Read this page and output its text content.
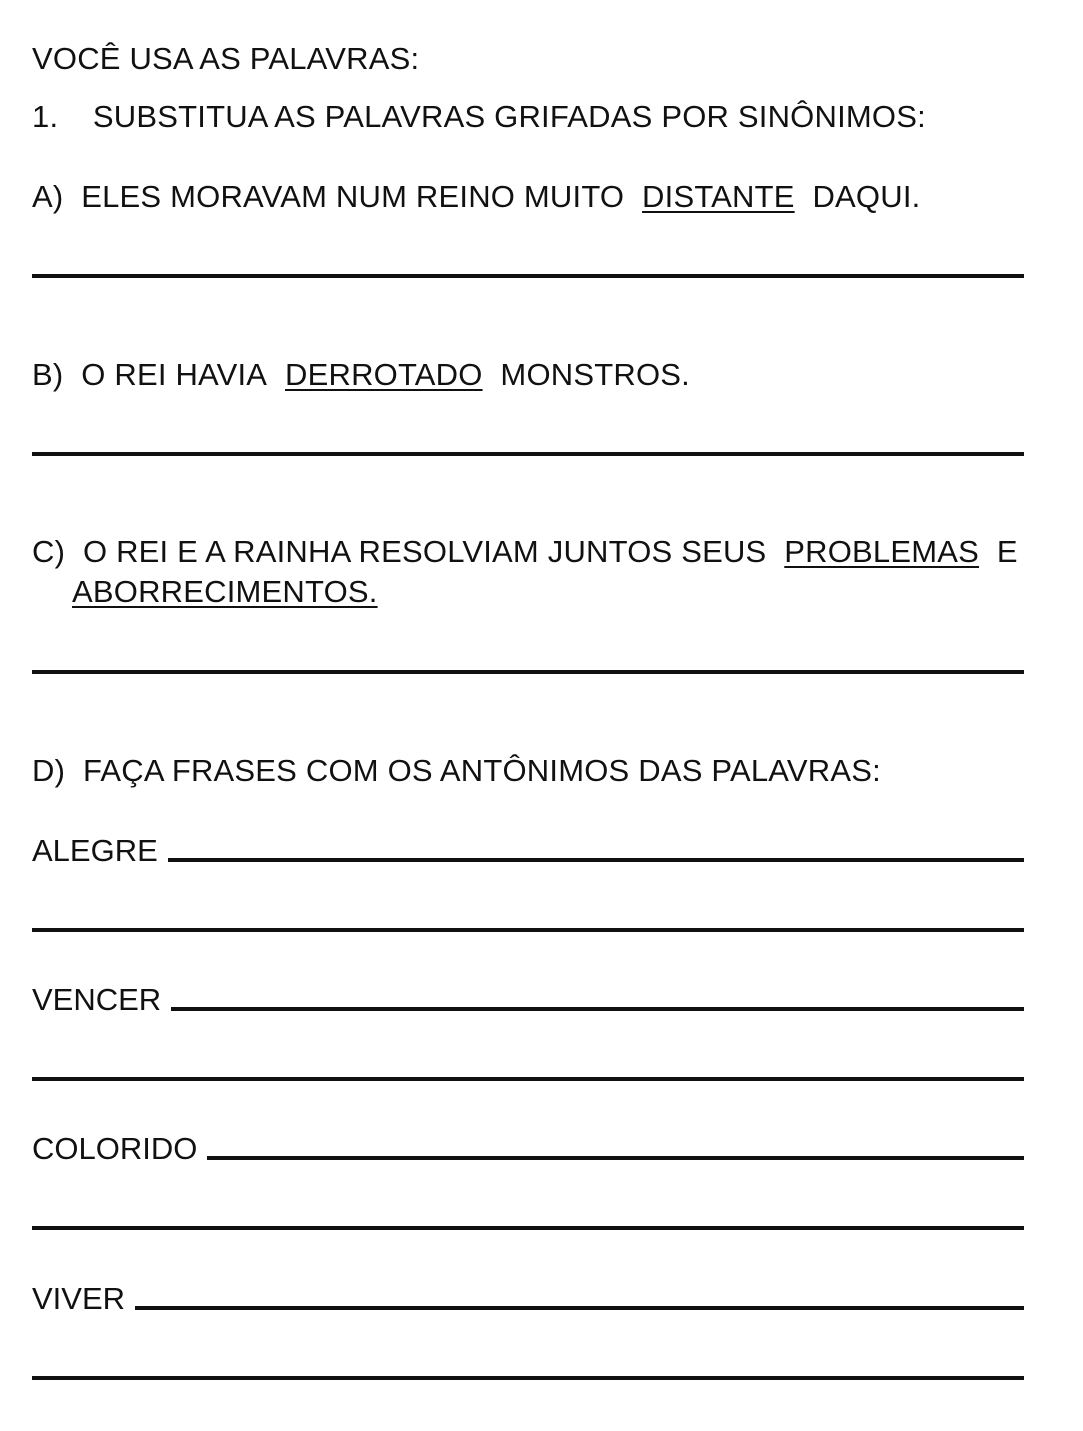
VOCÊ USA AS PALAVRAS:
1. SUBSTITUA AS PALAVRAS GRIFADAS POR SINÔNIMOS:
A) ELES MORAVAM NUM REINO MUITO DISTANTE DAQUI.
B) O REI HAVIA DERROTADO MONSTROS.
C) O REI E A RAINHA RESOLVIAM JUNTOS SEUS PROBLEMAS E
ABORRECIMENTOS.
D) FAÇA FRASES COM OS ANTÔNIMOS DAS PALAVRAS:
ALEGRE
VENCER
COLORIDO
VIVER
